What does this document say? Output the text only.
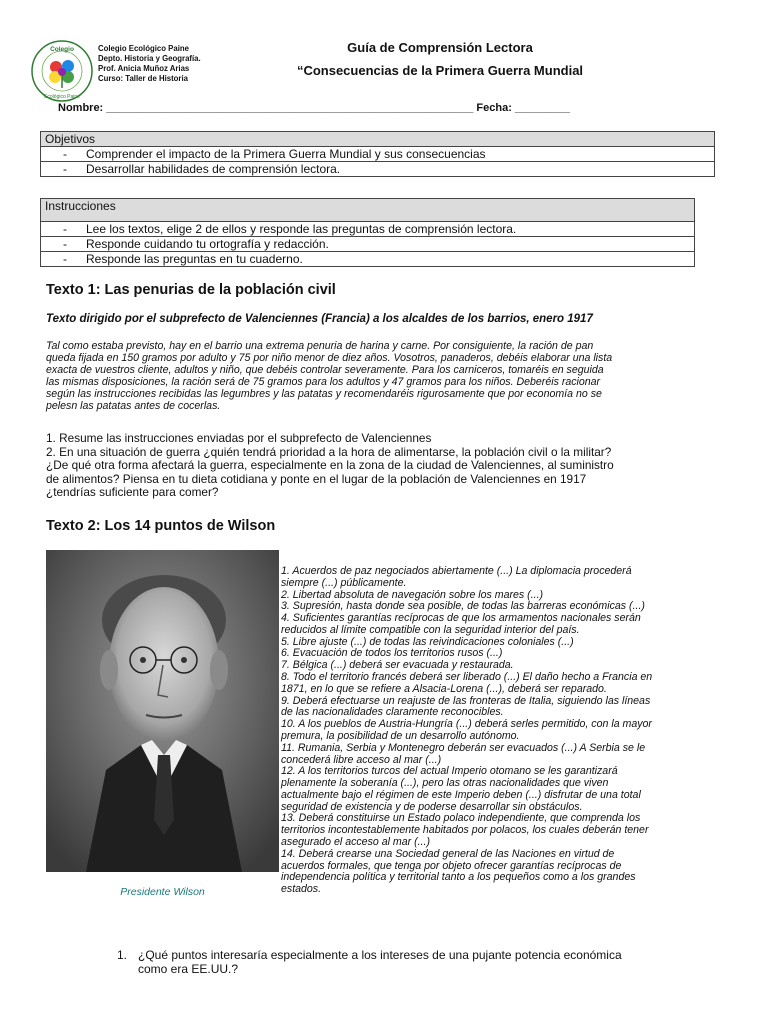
Colegio
Ecológico Paine
Colegio Ecológico Paine
Depto. Historia y Geografía.
Prof. Anicia Muñoz Arias
Curso: Taller de Historia
Guía de Comprensión Lectora
“Consecuencias de la Primera Guerra Mundial
Nombre: ____________________________________________________________ Fecha: _________
Objetivos
- Comprender el impacto de la Primera Guerra Mundial y sus consecuencias
- Desarrollar habilidades de comprensión lectora.
Instrucciones
- Lee los textos, elige 2 de ellos y responde las preguntas de comprensión lectora.
- Responde cuidando tu ortografía y redacción.
- Responde las preguntas en tu cuaderno.
Texto 1: Las penurias de la población civil
Texto dirigido por el subprefecto de Valenciennes (Francia) a los alcaldes de los barrios, enero 1917
Tal como estaba previsto, hay en el barrio una extrema penuria de harina y carne. Por consiguiente, la ración de pan
queda fijada en 150 gramos por adulto y 75 por niño menor de diez años. Vosotros, panaderos, debéis elaborar una lista
exacta de vuestros cliente, adultos y niño, que debéis controlar severamente. Para los carniceros, tomaréis en seguida
las mismas disposiciones, la ración será de 75 gramos para los adultos y 47 gramos para los niños. Deberéis racionar
según las instrucciones recibidas las legumbres y las patatas y recomendaréis rigurosamente que por economía no se
pelesn las patatas antes de cocerlas.
1. Resume las instrucciones enviadas por el subprefecto de Valenciennes
2. En una situación de guerra ¿quién tendrá prioridad a la hora de alimentarse, la población civil o la militar?
¿De qué otra forma afectará la guerra, especialmente en la zona de la ciudad de Valenciennes, al suministro
de alimentos? Piensa en tu dieta cotidiana y ponte en el lugar de la población de Valenciennes en 1917
¿tendrías suficiente para comer?
Texto 2: Los 14 puntos de Wilson
Presidente Wilson
1. Acuerdos de paz negociados abiertamente (...) La diplomacia procederá
siempre (...) públicamente.
2. Libertad absoluta de navegación sobre los mares (...)
3. Supresión, hasta donde sea posible, de todas las barreras económicas (...)
4. Suficientes garantías recíprocas de que los armamentos nacionales serán
reducidos al límite compatible con la seguridad interior del país.
5. Libre ajuste (...) de todas las reivindicaciones coloniales (...)
6. Evacuación de todos los territorios rusos (...)
7. Bélgica (...) deberá ser evacuada y restaurada.
8. Todo el territorio francés deberá ser liberado (...) El daño hecho a Francia en
1871, en lo que se refiere a Alsacia-Lorena (...), deberá ser reparado.
9. Deberá efectuarse un reajuste de las fronteras de Italia, siguiendo las líneas
de las nacionalidades claramente reconocibles.
10. A los pueblos de Austria-Hungría (...) deberá serles permitido, con la mayor
premura, la posibilidad de un desarrollo autónomo.
11. Rumania, Serbia y Montenegro deberán ser evacuados (...) A Serbia se le
concederá libre acceso al mar (...)
12. A los territorios turcos del actual Imperio otomano se les garantizará
plenamente la soberanía (...), pero las otras nacionalidades que viven
actualmente bajo el régimen de este Imperio deben (...) disfrutar de una total
seguridad de existencia y de poderse desarrollar sin obstáculos.
13. Deberá constituirse un Estado polaco independiente, que comprenda los
territorios incontestablemente habitados por polacos, los cuales deberán tener
asegurado el acceso al mar (...)
14. Deberá crearse una Sociedad general de las Naciones en virtud de
acuerdos formales, que tenga por objeto ofrecer garantías recíprocas de
independencia política y territorial tanto a los pequeños como a los grandes
estados.
1. ¿Qué puntos interesaría especialmente a los intereses de una pujante potencia económica
como era EE.UU.?
